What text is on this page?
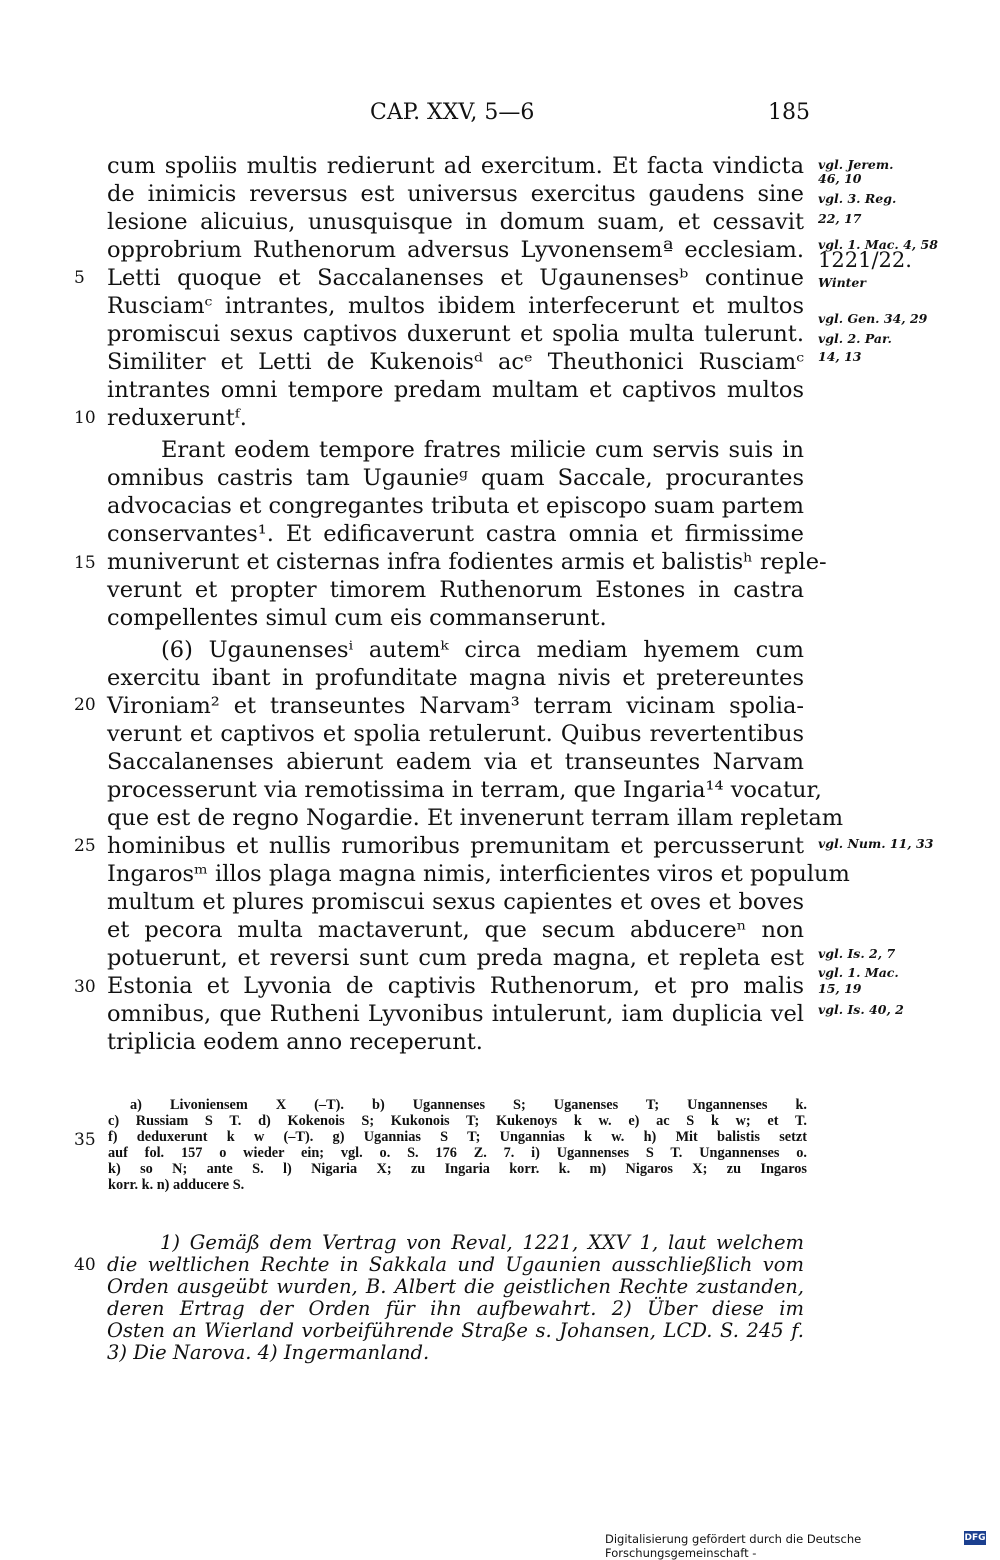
CAP. XXV, 5—6	185
5
10
15
20
25
30
35
40
cum spoliis multis redierunt ad exercitum. Et facta vindicta
de inimicis reversus est universus exercitus gaudens sine
lesione alicuius, unusquisque in domum suam, et cessavit
opprobrium Ruthenorum adversus Lyvonensemª ecclesiam.
Letti quoque et Saccalanenses et Ugaunensesᵇ continue
Rusciamᶜ intrantes, multos ibidem interfecerunt et multos
promiscui sexus captivos duxerunt et spolia multa tulerunt.
Similiter et Letti de Kukenoisᵈ acᵉ Theuthonici Rusciamᶜ
intrantes omni tempore predam multam et captivos multos
reduxeruntᶠ.
Erant eodem tempore fratres milicie cum servis suis in
omnibus castris tam Ugaunieᵍ quam Saccale, procurantes
advocacias et congregantes tributa et episcopo suam partem
conservantes¹. Et edificaverunt castra omnia et firmissime
muniverunt et cisternas infra fodientes armis et balistisʰ reple-
verunt et propter timorem Ruthenorum Estones in castra
compellentes simul cum eis commanserunt.
(6) Ugaunensesⁱ autemᵏ circa mediam hyemem cum
exercitu ibant in profunditate magna nivis et pretereuntes
Vironiam² et transeuntes Narvam³ terram vicinam spolia-
verunt et captivos et spolia retulerunt. Quibus revertentibus
Saccalanenses abierunt eadem via et transeuntes Narvam
processerunt via remotissima in terram, que Ingaria¹⁴ vocatur,
que est de regno Nogardie. Et invenerunt terram illam repletam
hominibus et nullis rumoribus premunitam et percusserunt
Ingarosᵐ illos plaga magna nimis, interficientes viros et populum
multum et plures promiscui sexus capientes et oves et boves
et pecora multa mactaverunt, que secum abducereⁿ non
potuerunt, et reversi sunt cum preda magna, et repleta est
Estonia et Lyvonia de captivis Ruthenorum, et pro malis
omnibus, que Rutheni Lyvonibus intulerunt, iam duplicia vel
triplicia eodem anno receperunt.
vgl. Jerem.
46, 10
vgl. 3. Reg.
22, 17
vgl. 1. Mac. 4, 58
1221/22.
Winter
vgl. Gen. 34, 29
vgl. 2. Par.
14, 13
vgl. Num. 11, 33
vgl. Is. 2, 7
vgl. 1. Mac.
15, 19
vgl. Is. 40, 2
a) Livoniensem X (–T). b) Ugannenses S; Uganenses T; Ungannenses k.
c) Russiam S T. d) Kokenois S; Kukonois T; Kukenoys k w. e) ac S k w; et T.
f) deduxerunt k w (–T). g) Ugannias S T; Ungannias k w. h) Mit balistis setzt
auf fol. 157 o wieder ein; vgl. o. S. 176 Z. 7. i) Ugannenses S T. Ungannenses o.
k) so N; ante S. l) Nigaria X; zu Ingaria korr. k. m) Nigaros X; zu Ingaros
korr. k. n) adducere S.
1) Gemäß dem Vertrag von Reval, 1221, XXV 1, laut welchem
die weltlichen Rechte in Sakkala und Ugaunien ausschließlich vom
Orden ausgeübt wurden, B. Albert die geistlichen Rechte zustanden,
deren Ertrag der Orden für ihn aufbewahrt. 2) Über diese im
Osten an Wierland vorbeiführende Straße s. Johansen, LCD. S. 245 f.
3) Die Narova. 4) Ingermanland.
Digitalisierung gefördert durch die Deutsche Forschungsgemeinschaft -
DFG
